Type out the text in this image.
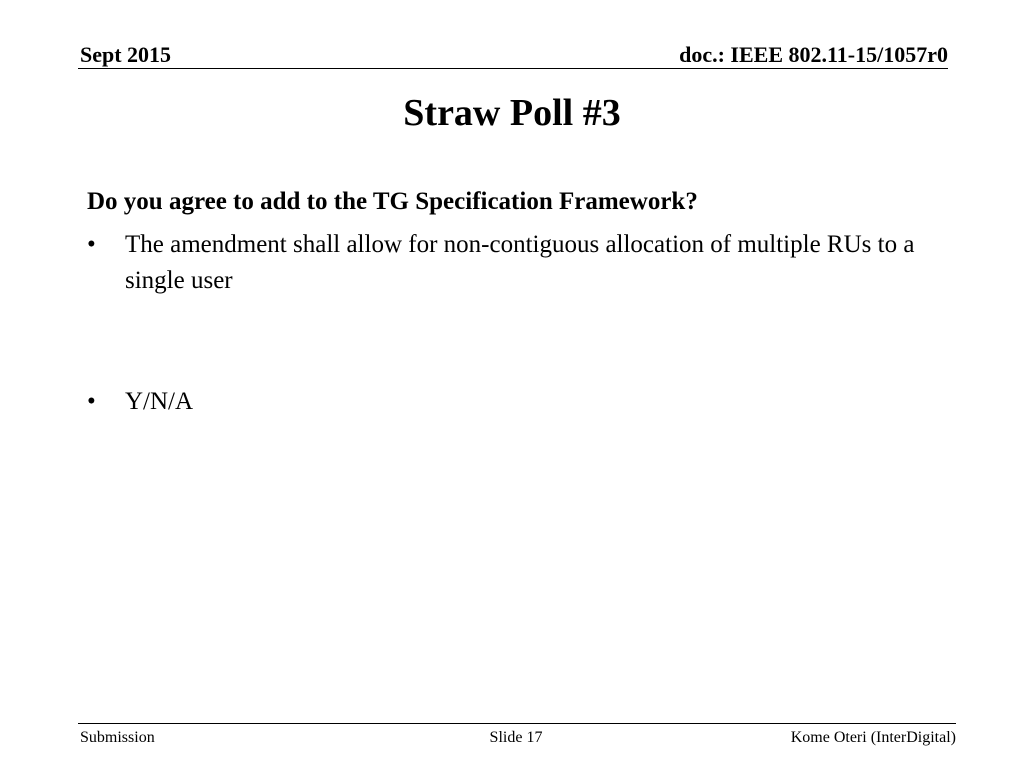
Sept 2015	doc.: IEEE 802.11-15/1057r0
Straw Poll #3
Do you agree to add to the TG Specification Framework?
•	The amendment shall allow for non-contiguous allocation of multiple RUs to a single user
•	Y/N/A
Submission	Slide 17	Kome Oteri (InterDigital)
